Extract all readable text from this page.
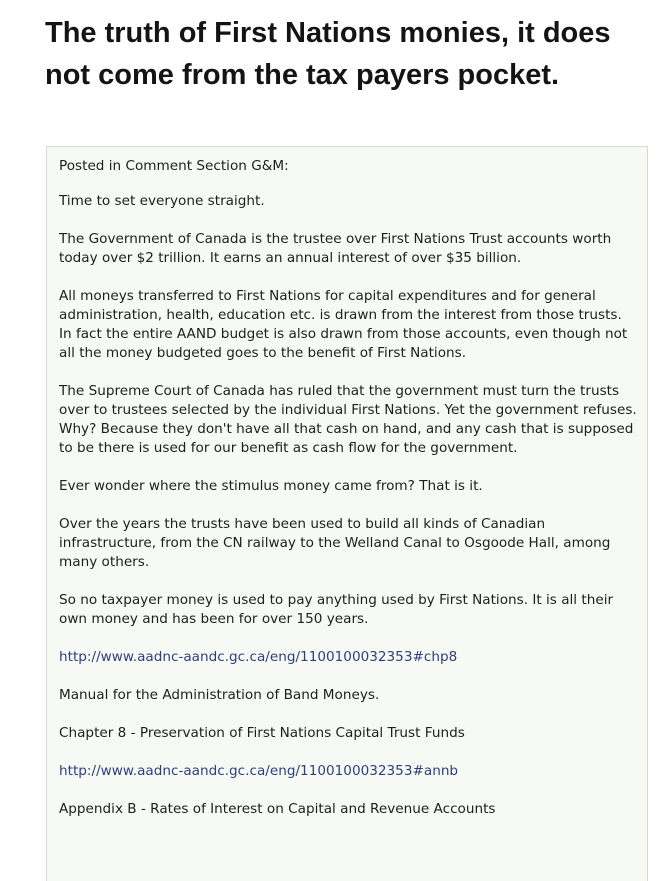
The truth of First Nations monies, it does not come from the tax payers pocket.

Posted in Comment Section G&M:

Time to set everyone straight.

The Government of Canada is the trustee over First Nations Trust accounts worth today over $2 trillion. It earns an annual interest of over $35 billion.

All moneys transferred to First Nations for capital expenditures and for general administration, health, education etc. is drawn from the interest from those trusts. In fact the entire AAND budget is also drawn from those accounts, even though not all the money budgeted goes to the benefit of First Nations.

The Supreme Court of Canada has ruled that the government must turn the trusts over to trustees selected by the individual First Nations. Yet the government refuses. Why? Because they don't have all that cash on hand, and any cash that is supposed to be there is used for our benefit as cash flow for the government.

Ever wonder where the stimulus money came from? That is it.

Over the years the trusts have been used to build all kinds of Canadian infrastructure, from the CN railway to the Welland Canal to Osgoode Hall, among many others.

So no taxpayer money is used to pay anything used by First Nations. It is all their own money and has been for over 150 years.

http://www.aadnc-aandc.gc.ca/eng/1100100032353#chp8

Manual for the Administration of Band Moneys.

Chapter 8 - Preservation of First Nations Capital Trust Funds

http://www.aadnc-aandc.gc.ca/eng/1100100032353#annb

Appendix B - Rates of Interest on Capital and Revenue Accounts
